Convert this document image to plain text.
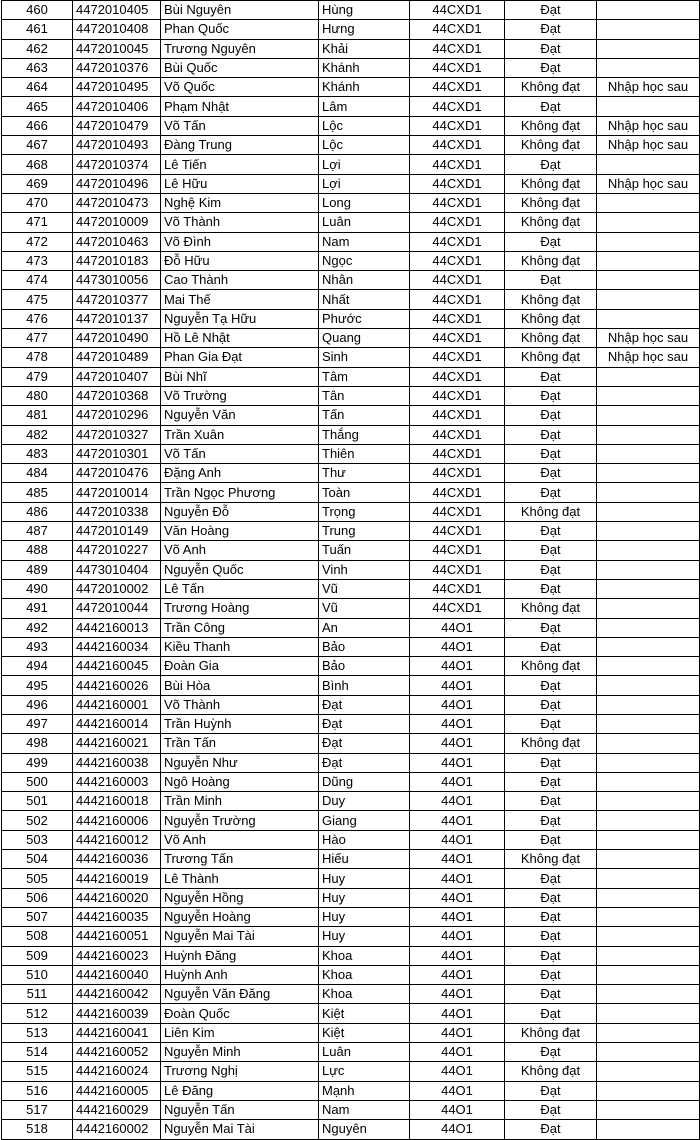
460	4472010405	Bùi Nguyên	Hùng	44CXD1	Đạt	
461	4472010408	Phan Quốc	Hưng	44CXD1	Đạt	
462	4472010045	Trương Nguyên	Khải	44CXD1	Đạt	
463	4472010376	Bùi Quốc	Khánh	44CXD1	Đạt	
464	4472010495	Võ Quốc	Khánh	44CXD1	Không đạt	Nhập học sau
465	4472010406	Phạm Nhật	Lâm	44CXD1	Đạt	
466	4472010479	Võ Tấn	Lộc	44CXD1	Không đạt	Nhập học sau
467	4472010493	Đàng Trung	Lộc	44CXD1	Không đạt	Nhập học sau
468	4472010374	Lê Tiến	Lợi	44CXD1	Đạt	
469	4472010496	Lê Hữu	Lợi	44CXD1	Không đạt	Nhập học sau
470	4472010473	Nghệ Kim	Long	44CXD1	Không đạt	
471	4472010009	Võ Thành	Luân	44CXD1	Không đạt	
472	4472010463	Võ Đình	Nam	44CXD1	Đạt	
473	4472010183	Đỗ Hữu	Ngọc	44CXD1	Không đạt	
474	4473010056	Cao Thành	Nhân	44CXD1	Đạt	
475	4472010377	Mai Thế	Nhất	44CXD1	Không đạt	
476	4472010137	Nguyễn Tạ Hữu	Phước	44CXD1	Không đạt	
477	4472010490	Hồ Lê Nhật	Quang	44CXD1	Không đạt	Nhập học sau
478	4472010489	Phan Gia Đạt	Sinh	44CXD1	Không đạt	Nhập học sau
479	4472010407	Bùi Nhĩ	Tâm	44CXD1	Đạt	
480	4472010368	Võ Trường	Tân	44CXD1	Đạt	
481	4472010296	Nguyễn Văn	Tấn	44CXD1	Đạt	
482	4472010327	Trần Xuân	Thắng	44CXD1	Đạt	
483	4472010301	Võ Tấn	Thiên	44CXD1	Đạt	
484	4472010476	Đặng Anh	Thư	44CXD1	Đạt	
485	4472010014	Trần Ngọc Phương	Toàn	44CXD1	Đạt	
486	4472010338	Nguyễn Đỗ	Trọng	44CXD1	Không đạt	
487	4472010149	Văn Hoàng	Trung	44CXD1	Đạt	
488	4472010227	Võ Anh	Tuấn	44CXD1	Đạt	
489	4473010404	Nguyễn Quốc	Vinh	44CXD1	Đạt	
490	4472010002	Lê Tấn	Vũ	44CXD1	Đạt	
491	4472010044	Trương Hoàng	Vũ	44CXD1	Không đạt	
492	4442160013	Trần Công	An	44O1	Đạt	
493	4442160034	Kiều Thanh	Bảo	44O1	Đạt	
494	4442160045	Đoàn Gia	Bảo	44O1	Không đạt	
495	4442160026	Bùi Hòa	Bình	44O1	Đạt	
496	4442160001	Võ Thành	Đạt	44O1	Đạt	
497	4442160014	Trần Huỳnh	Đạt	44O1	Đạt	
498	4442160021	Trần Tấn	Đạt	44O1	Không đạt	
499	4442160038	Nguyễn Như	Đạt	44O1	Đạt	
500	4442160003	Ngô Hoàng	Dũng	44O1	Đạt	
501	4442160018	Trần Minh	Duy	44O1	Đạt	
502	4442160006	Nguyễn Trường	Giang	44O1	Đạt	
503	4442160012	Võ Anh	Hào	44O1	Đạt	
504	4442160036	Trương Tấn	Hiếu	44O1	Không đạt	
505	4442160019	Lê Thành	Huy	44O1	Đạt	
506	4442160020	Nguyễn Hồng	Huy	44O1	Đạt	
507	4442160035	Nguyễn Hoàng	Huy	44O1	Đạt	
508	4442160051	Nguyễn Mai Tài	Huy	44O1	Đạt	
509	4442160023	Huỳnh Đăng	Khoa	44O1	Đạt	
510	4442160040	Huỳnh Anh	Khoa	44O1	Đạt	
511	4442160042	Nguyễn Văn Đăng	Khoa	44O1	Đạt	
512	4442160039	Đoàn Quốc	Kiệt	44O1	Đạt	
513	4442160041	Liên Kim	Kiệt	44O1	Không đạt	
514	4442160052	Nguyễn Minh	Luân	44O1	Đạt	
515	4442160024	Trương Nghị	Lực	44O1	Không đạt	
516	4442160005	Lê Đăng	Mạnh	44O1	Đạt	
517	4442160029	Nguyễn Tấn	Nam	44O1	Đạt	
518	4442160002	Nguyễn Mai Tài	Nguyên	44O1	Đạt	
